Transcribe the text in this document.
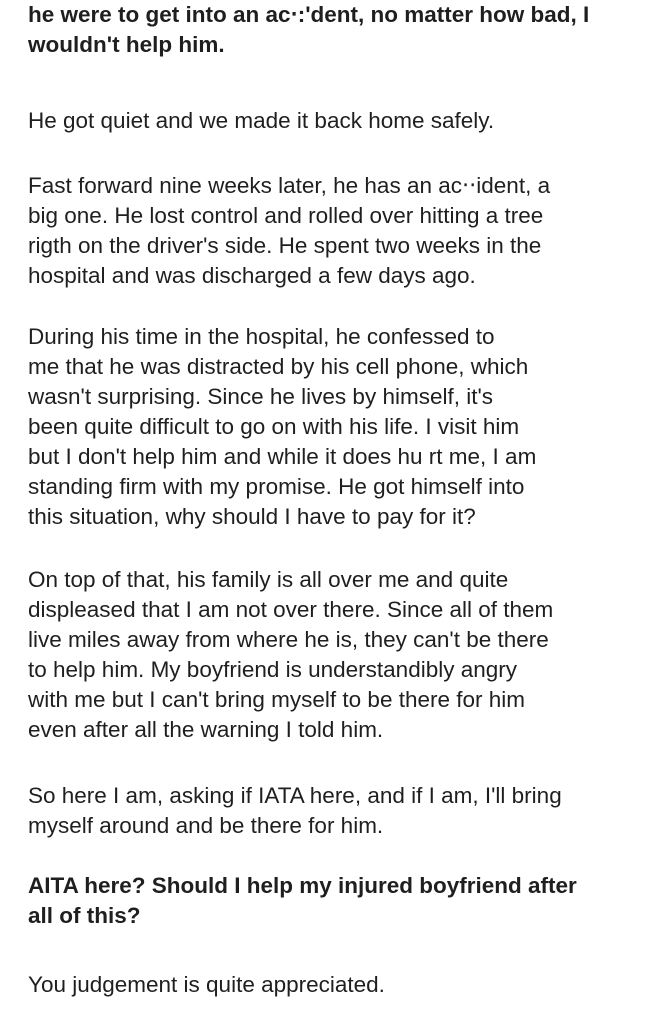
he were to get into an ac‧:'dent, no matter how bad, I
wouldn't help him.

He got quiet and we made it back home safely.

Fast forward nine weeks later, he has an ac‧‧ident, a
big one. He lost control and rolled over hitting a tree
rigth on the driver's side. He spent two weeks in the
hospital and was discharged a few days ago.

During his time in the hospital, he confessed to
me that he was distracted by his cell phone, which
wasn't surprising. Since he lives by himself, it's
been quite difficult to go on with his life. I visit him
but I don't help him and while it does hu rt me, I am
standing firm with my promise. He got himself into
this situation, why should I have to pay for it?

On top of that, his family is all over me and quite
displeased that I am not over there. Since all of them
live miles away from where he is, they can't be there
to help him. My boyfriend is understandibly angry
with me but I can't bring myself to be there for him
even after all the warning I told him.

So here I am, asking if IATA here, and if I am, I'll bring
myself around and be there for him.

AITA here? Should I help my injured boyfriend after
all of this?

You judgement is quite appreciated.
